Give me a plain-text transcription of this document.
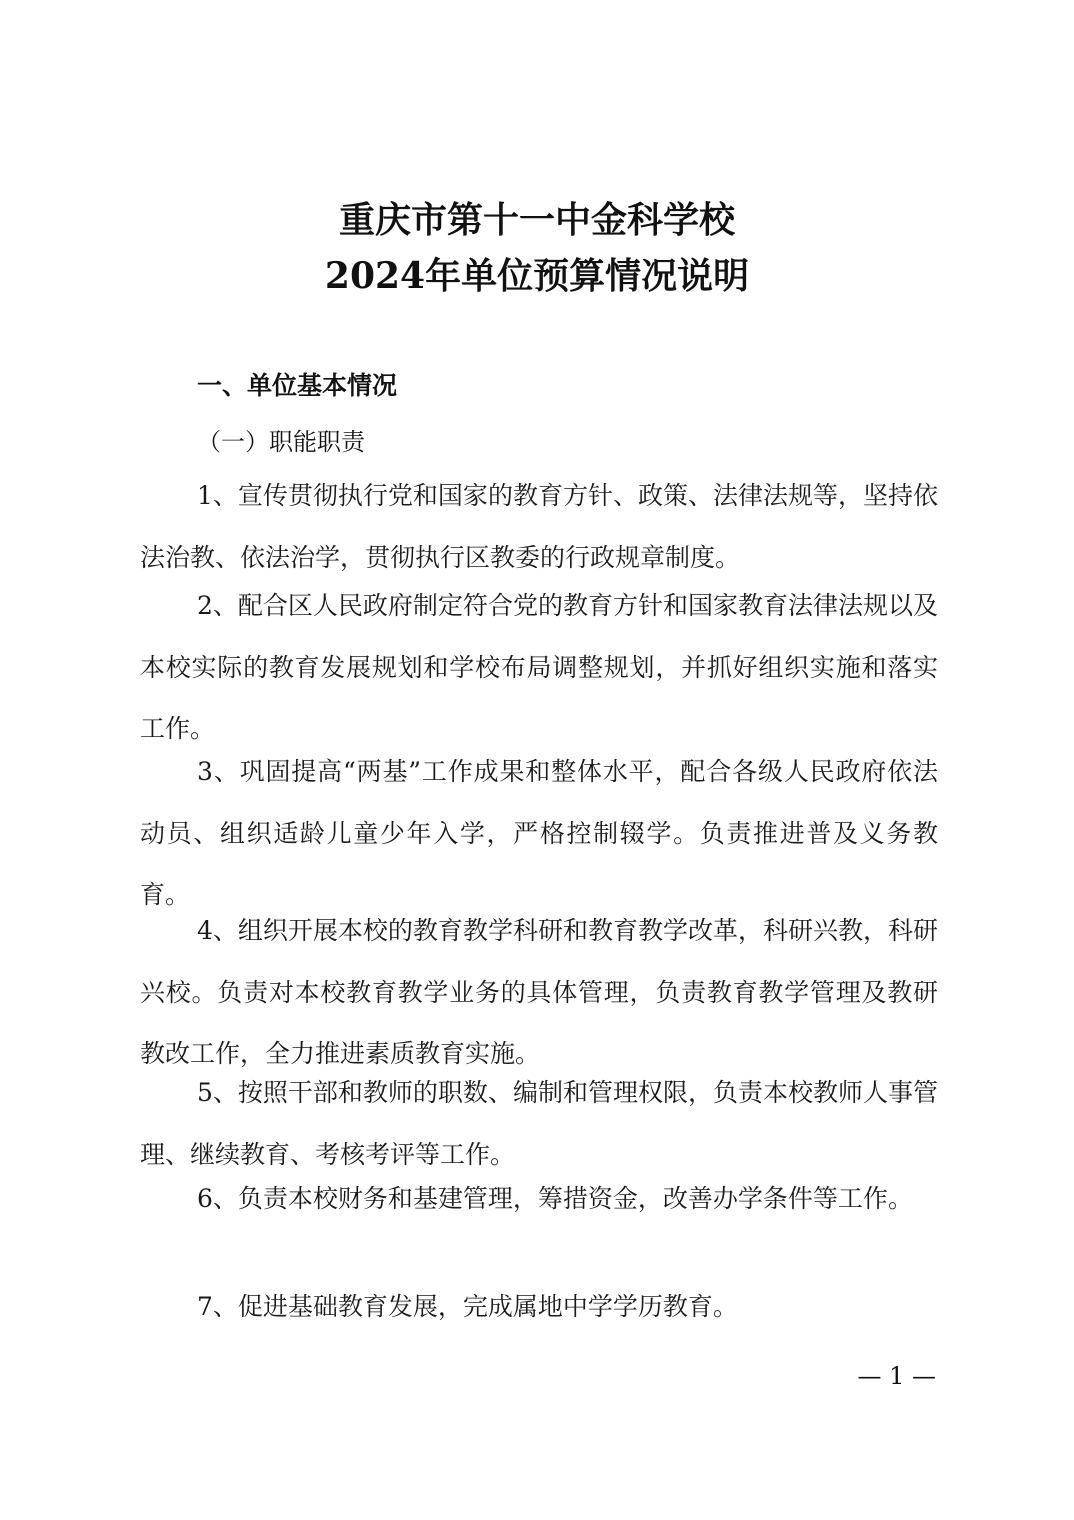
重庆市第十一中金科学校
2024年单位预算情况说明
一、单位基本情况
（一）职能职责

1、宣传贯彻执行党和国家的教育方针、政策、法律法规等，坚持依法治教、依法治学，贯彻执行区教委的行政规章制度。

2、配合区人民政府制定符合党的教育方针和国家教育法律法规以及本校实际的教育发展规划和学校布局调整规划，并抓好组织实施和落实工作。

3、巩固提高“两基”工作成果和整体水平，配合各级人民政府依法动员、组织适龄儿童少年入学，严格控制辍学。负责推进普及义务教育。

4、组织开展本校的教育教学科研和教育教学改革，科研兴教，科研兴校。负责对本校教育教学业务的具体管理，负责教育教学管理及教研教改工作，全力推进素质教育实施。

5、按照干部和教师的职数、编制和管理权限，负责本校教师人事管理、继续教育、考核考评等工作。

6、负责本校财务和基建管理，筹措资金，改善办学条件等工作。

7、促进基础教育发展，完成属地中学学历教育。

— 1 —
